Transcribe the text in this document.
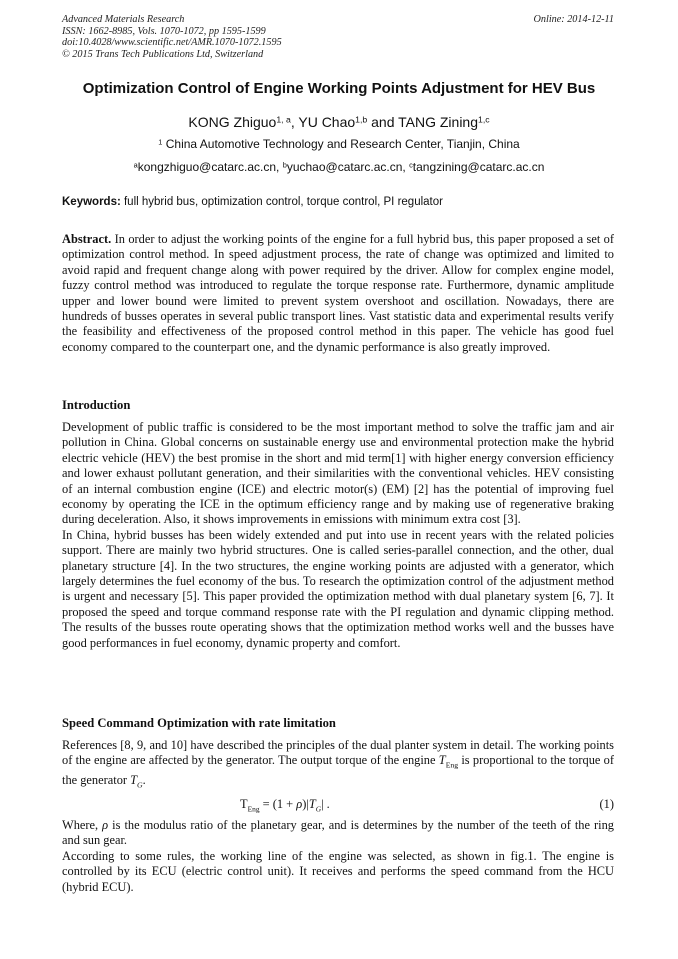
Advanced Materials Research
ISSN: 1662-8985, Vols. 1070-1072, pp 1595-1599
doi:10.4028/www.scientific.net/AMR.1070-1072.1595
© 2015 Trans Tech Publications Ltd, Switzerland
Online: 2014-12-11
Optimization Control of Engine Working Points Adjustment for HEV Bus
KONG Zhiguo$^{1, a}$, YU Chao$^{1,b}$ and TANG Zining$^{1,c}$
$^1$ China Automotive Technology and Research Center, Tianjin, China
$^a$kongzhiguo@catarc.ac.cn, $^b$yuchao@catarc.ac.cn, $^c$tangzining@catarc.ac.cn
Keywords: full hybrid bus, optimization control, torque control, PI regulator
Abstract. In order to adjust the working points of the engine for a full hybrid bus, this paper proposed a set of optimization control method. In speed adjustment process, the rate of change was optimized and limited to avoid rapid and frequent change along with power required by the driver. Allow for complex engine model, fuzzy control method was introduced to regulate the torque response rate. Furthermore, dynamic amplitude upper and lower bound were limited to prevent system overshoot and oscillation. Nowadays, there are hundreds of busses operates in several public transport lines. Vast statistic data and experimental results verify the feasibility and effectiveness of the proposed control method in this paper. The vehicle has good fuel economy compared to the counterpart one, and the dynamic performance is also greatly improved.
Introduction
Development of public traffic is considered to be the most important method to solve the traffic jam and air pollution in China. Global concerns on sustainable energy use and environmental protection make the hybrid electric vehicle (HEV) the best promise in the short and mid term[1] with higher energy conversion efficiency and lower exhaust pollutant generation, and their similarities with the conventional vehicles. HEV consisting of an internal combustion engine (ICE) and electric motor(s) (EM) [2] has the potential of improving fuel economy by operating the ICE in the optimum efficiency range and by making use of regenerative braking during deceleration. Also, it shows improvements in emissions with minimum extra cost [3].
In China, hybrid busses has been widely extended and put into use in recent years with the related policies support. There are mainly two hybrid structures. One is called series-parallel connection, and the other, dual planetary structure [4]. In the two structures, the engine working points are adjusted with a generator, which largely determines the fuel economy of the bus. To research the optimization control of the adjustment method is urgent and necessary [5]. This paper provided the optimization method with dual planetary system [6, 7]. It proposed the speed and torque command response rate with the PI regulation and dynamic clipping method. The results of the busses route operating shows that the optimization method works well and the busses have good performances in fuel economy, dynamic property and comfort.
Speed Command Optimization with rate limitation
References [8, 9, and 10] have described the principles of the dual planter system in detail. The working points of the engine are affected by the generator. The output torque of the engine $T_{Eng}$ is proportional to the torque of the generator $T_G$.
$T_{Eng} = (1 + \rho)|T_G|$ .	(1)
Where, ρ is the modulus ratio of the planetary gear, and is determines by the number of the teeth of the ring and sun gear.
According to some rules, the working line of the engine was selected, as shown in fig.1. The engine is controlled by its ECU (electric control unit). It receives and performs the speed command from the HCU (hybrid ECU).
